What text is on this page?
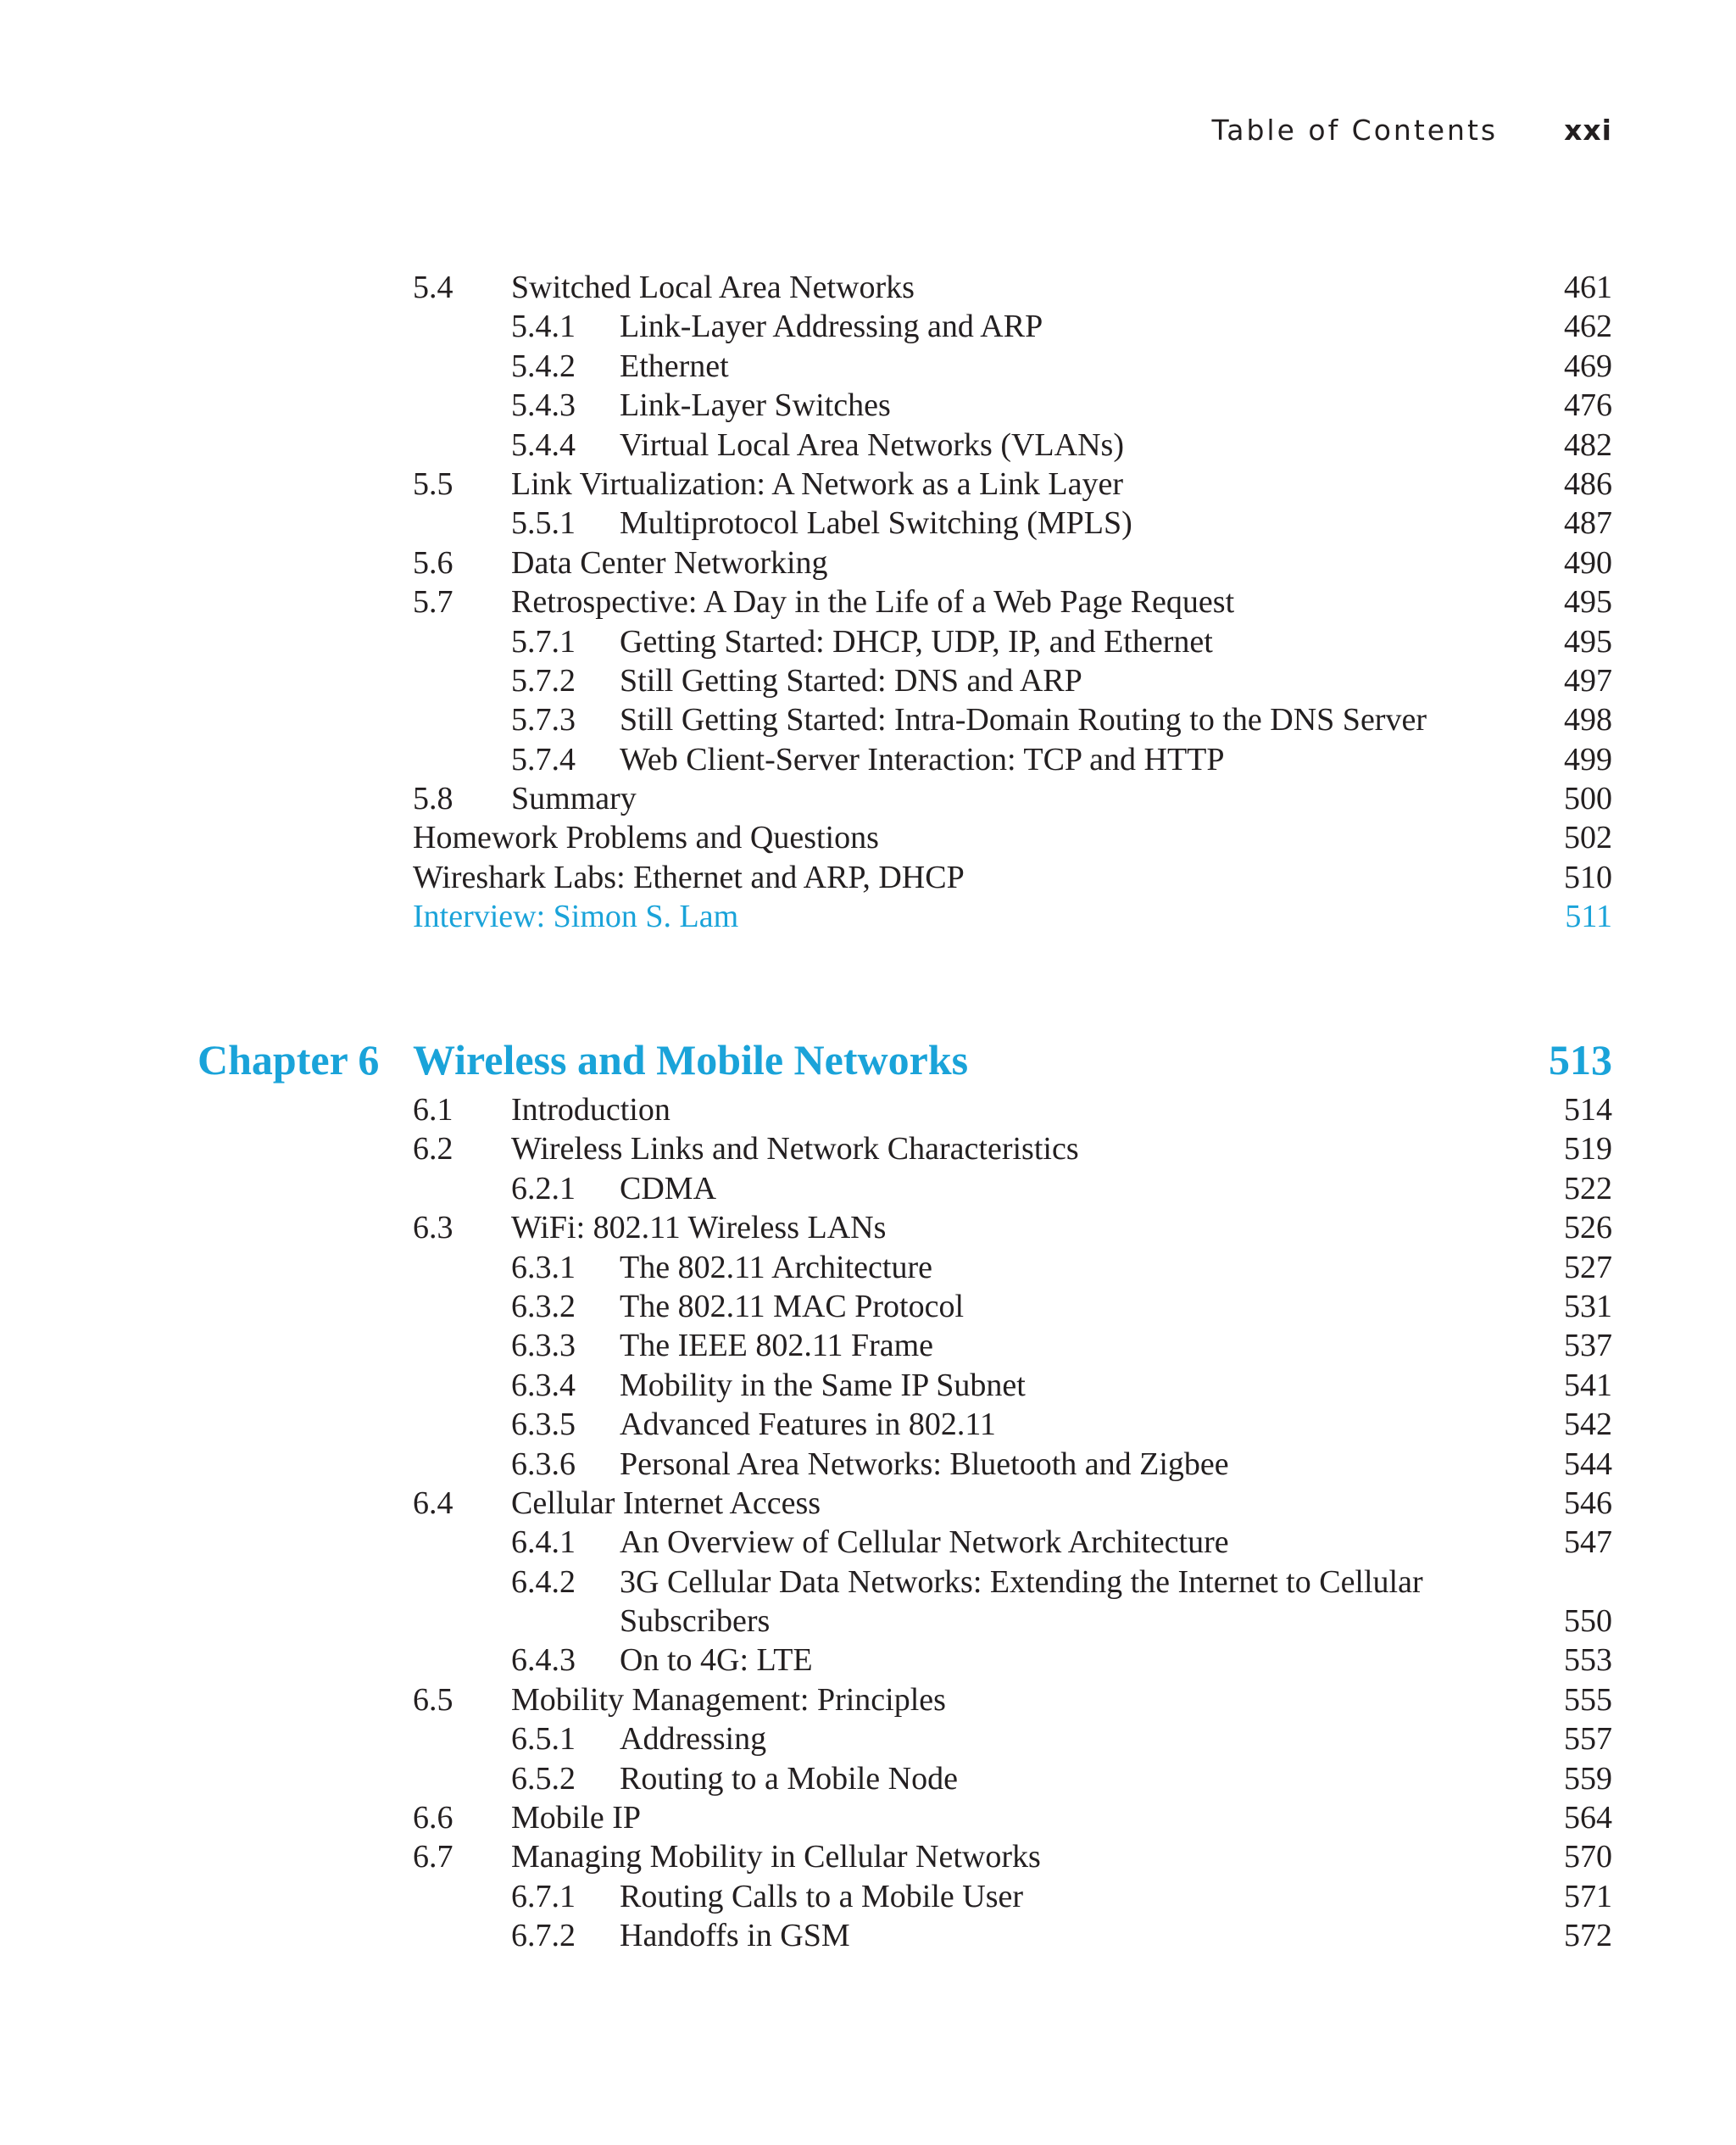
Table of Contents xxi
5.4 Switched Local Area Networks	461
5.4.1 Link-Layer Addressing and ARP	462
5.4.2 Ethernet	469
5.4.3 Link-Layer Switches	476
5.4.4 Virtual Local Area Networks (VLANs)	482
5.5 Link Virtualization: A Network as a Link Layer	486
5.5.1 Multiprotocol Label Switching (MPLS)	487
5.6 Data Center Networking	490
5.7 Retrospective: A Day in the Life of a Web Page Request	495
5.7.1 Getting Started: DHCP, UDP, IP, and Ethernet	495
5.7.2 Still Getting Started: DNS and ARP	497
5.7.3 Still Getting Started: Intra-Domain Routing to the DNS Server	498
5.7.4 Web Client-Server Interaction: TCP and HTTP	499
5.8 Summary	500
Homework Problems and Questions	502
Wireshark Labs: Ethernet and ARP, DHCP	510
Interview: Simon S. Lam	511
Chapter 6 Wireless and Mobile Networks	513
6.1 Introduction	514
6.2 Wireless Links and Network Characteristics	519
6.2.1 CDMA	522
6.3 WiFi: 802.11 Wireless LANs	526
6.3.1 The 802.11 Architecture	527
6.3.2 The 802.11 MAC Protocol	531
6.3.3 The IEEE 802.11 Frame	537
6.3.4 Mobility in the Same IP Subnet	541
6.3.5 Advanced Features in 802.11	542
6.3.6 Personal Area Networks: Bluetooth and Zigbee	544
6.4 Cellular Internet Access	546
6.4.1 An Overview of Cellular Network Architecture	547
6.4.2 3G Cellular Data Networks: Extending the Internet to Cellular
Subscribers	550
6.4.3 On to 4G: LTE	553
6.5 Mobility Management: Principles	555
6.5.1 Addressing	557
6.5.2 Routing to a Mobile Node	559
6.6 Mobile IP	564
6.7 Managing Mobility in Cellular Networks	570
6.7.1 Routing Calls to a Mobile User	571
6.7.2 Handoffs in GSM	572
